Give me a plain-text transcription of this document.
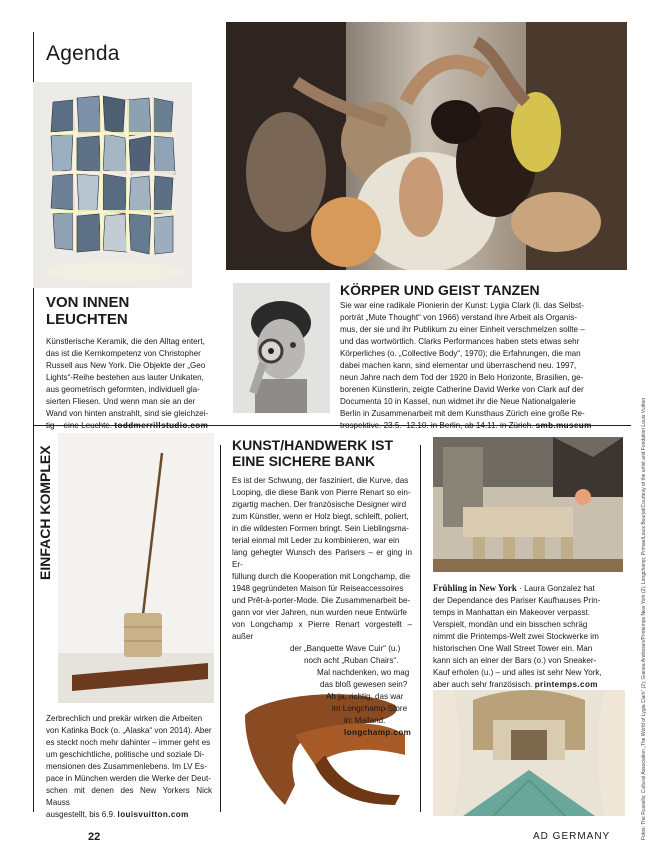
22	AD GERMANY
Agenda
VON INNEN
LEUCHTEN
Künstlerische Keramik, die den Alltag entert,
das ist die Kernkompetenz von Christopher
Russell aus New York. Die Objekte der „Geo
Lights“-Reihe bestehen aus lauter Unikaten,
aus geometrisch geformten, individuell gla-
sierten Fliesen. Und wenn man sie an der
Wand von hinten anstrahlt, sind sie gleichzei-
tig – eine Leuchte. toddmerrillstudio.com
KÖRPER UND GEIST TANZEN
Sie war eine radikale Pionierin der Kunst: Lygia Clark (li. das Selbst-
porträt „Mute Thought“ von 1966) verstand ihre Arbeit als Organis-
mus, der sie und ihr Publikum zu einer Einheit verschmelzen sollte –
und das wortwörtlich. Clarks Performances haben stets etwas sehr
Körperliches (o. „Collective Body“, 1970); die Erfahrungen, die man
dabei machen kann, sind elementar und überraschend neu. 1997,
neun Jahre nach dem Tod der 1920 in Belo Horizonte, Brasilien, ge-
borenen Künstlerin, zeigte Catherine David Werke von Clark auf der
Documenta 10 in Kassel, nun widmet ihr die Neue Nationalgalerie
Berlin in Zusammenarbeit mit dem Kunsthaus Zürich eine große Re-
trospektive. 23.5.–12.10. in Berlin, ab 14.11. in Zürich. smb.museum
EINFACH KOMPLEX
Zerbrechlich und prekär wirken die Arbeiten
von Katinka Bock (o. „Alaska“ von 2014). Aber
es steckt noch mehr dahinter – immer geht es
um geschichtliche, politische und soziale Di-
mensionen des Zusammenlebens. Im LV Es-
pace in München werden die Werke der Deut-
schen mit denen des New Yorkers Nick Mauss
ausgestellt, bis 6.9. louisvuitton.com
KUNST/HANDWERK IST
EINE SICHERE BANK
Es ist der Schwung, der fasziniert, die Kurve, das
Looping, die diese Bank von Pierre Renart so ein-
zigartig machen. Der französische Designer wird
zum Künstler, wenn er Holz biegt, schleift, poliert,
in die wildesten Formen bringt. Sein Lieblingsma-
terial einmal mit Leder zu kombinieren, war ein
lang gehegter Wunsch des Parisers – er ging in Er-
füllung durch die Kooperation mit Longchamp, die
1948 gegründeten Maison für Reiseaccessoires
und Prêt-à-porter-Mode. Die Zusammenarbeit be-
gann vor vier Jahren, nun wurden neue Entwürfe
von Longchamp x Pierre Renart vorgestellt – außer
der „Banquette Wave Cuir“ (u.)
noch acht „Ruban Chairs“.
Mal nachdenken, wo mag
das bloß gewesen sein?
Ah ja, richtig, das war
im Longchamp-Store
in: Mailand.
longchamp.com
Frühling in New York · Laura Gonzalez hat
der Dependance des Pariser Kaufhauses Prin-
temps in Manhattan ein Makeover verpasst.
Verspielt, mondän und ein bisschen schräg
nimmt die Printemps-Welt zwei Stockwerke im
historischen One Wall Street Tower ein. Man
kann sich an einer der Bars (o.) von Sneaker-
Kauf erholen (u.) – und alles ist sehr New York,
aber auch sehr französisch. printemps.com	Fotos: The Russells; Cultural Association „The World of Lygia Clark“ (2); Gianea Andresen/Printemps New York (2); Longchamp; Primae/Louis Bourjat/Courtesy of the artist and Fondation Louis Vuitton
